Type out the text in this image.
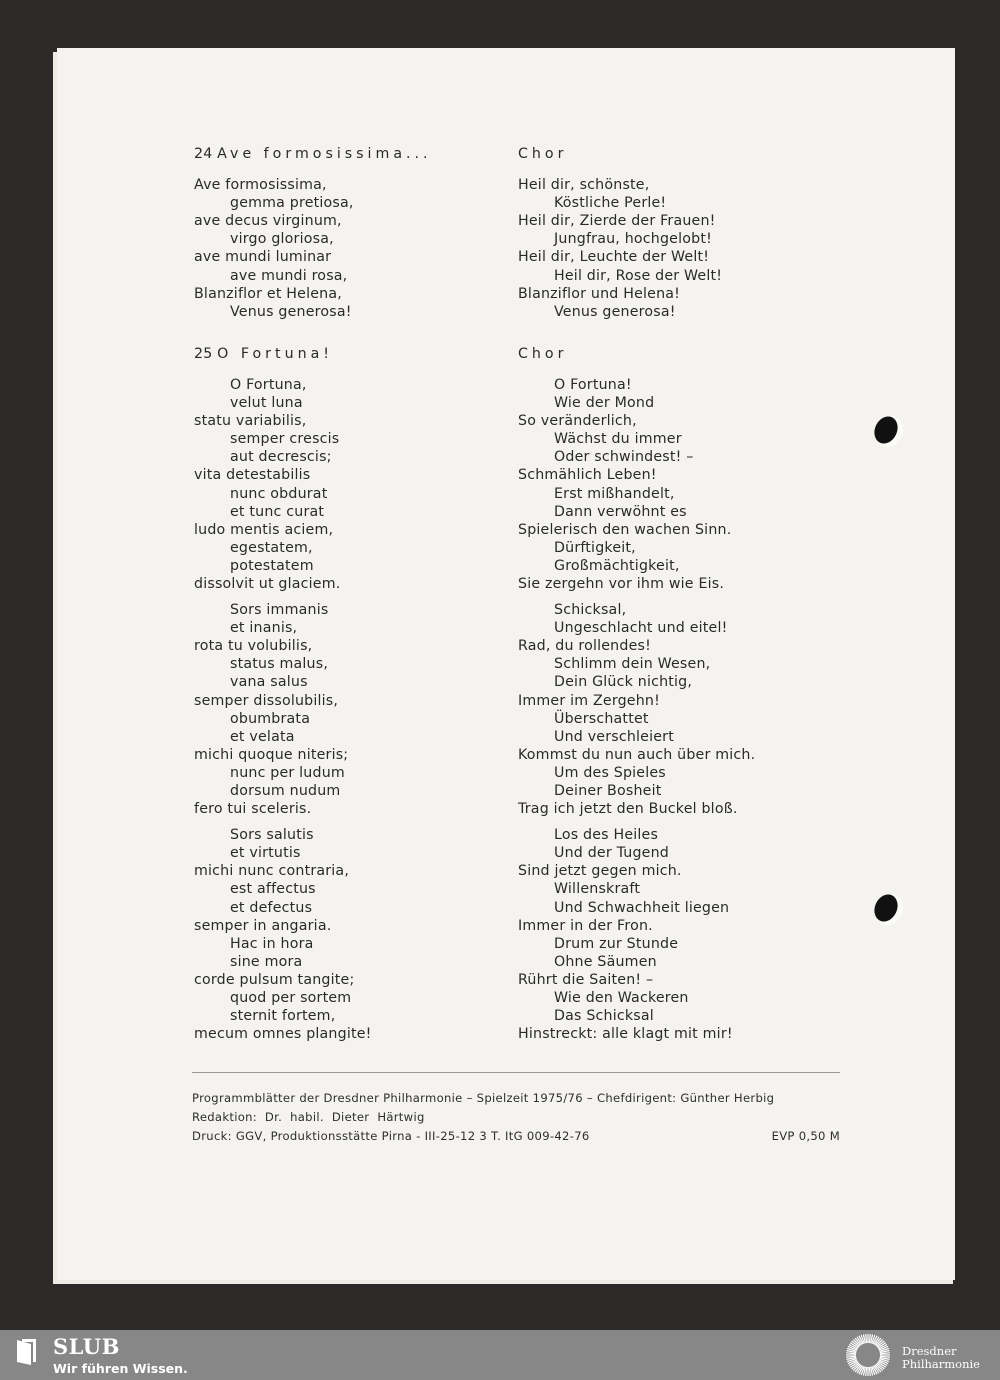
24 Ave formosissima...
Ave formosissima,
gemma pretiosa,
ave decus virginum,
virgo gloriosa,
ave mundi luminar
ave mundi rosa,
Blanziflor et Helena,
Venus generosa!
25 O Fortuna!
O Fortuna,
velut luna
statu variabilis,
semper crescis
aut decrescis;
vita detestabilis
nunc obdurat
et tunc curat
ludo mentis aciem,
egestatem,
potestatem
dissolvit ut glaciem.
Sors immanis
et inanis,
rota tu volubilis,
status malus,
vana salus
semper dissolubilis,
obumbrata
et velata
michi quoque niteris;
nunc per ludum
dorsum nudum
fero tui sceleris.
Sors salutis
et virtutis
michi nunc contraria,
est affectus
et defectus
semper in angaria.
Hac in hora
sine mora
corde pulsum tangite;
quod per sortem
sternit fortem,
mecum omnes plangite!
Chor
Heil dir, schönste,
Köstliche Perle!
Heil dir, Zierde der Frauen!
Jungfrau, hochgelobt!
Heil dir, Leuchte der Welt!
Heil dir, Rose der Welt!
Blanziflor und Helena!
Venus generosa!
Chor
O Fortuna!
Wie der Mond
So veränderlich,
Wächst du immer
Oder schwindest! –
Schmählich Leben!
Erst mißhandelt,
Dann verwöhnt es
Spielerisch den wachen Sinn.
Dürftigkeit,
Großmächtigkeit,
Sie zergehn vor ihm wie Eis.
Schicksal,
Ungeschlacht und eitel!
Rad, du rollendes!
Schlimm dein Wesen,
Dein Glück nichtig,
Immer im Zergehn!
Überschattet
Und verschleiert
Kommst du nun auch über mich.
Um des Spieles
Deiner Bosheit
Trag ich jetzt den Buckel bloß.
Los des Heiles
Und der Tugend
Sind jetzt gegen mich.
Willenskraft
Und Schwachheit liegen
Immer in der Fron.
Drum zur Stunde
Ohne Säumen
Rührt die Saiten! –
Wie den Wackeren
Das Schicksal
Hinstreckt: alle klagt mit mir!
Programmblätter der Dresdner Philharmonie – Spielzeit 1975/76 – Chefdirigent: Günther Herbig
Redaktion:  Dr.  habil.  Dieter  Härtwig
Druck: GGV, Produktionsstätte Pirna - III-25-12 3 T. ItG 009-42-76	EVP 0,50 M
SLUB
Wir führen Wissen.
Dresdner
Philharmonie
